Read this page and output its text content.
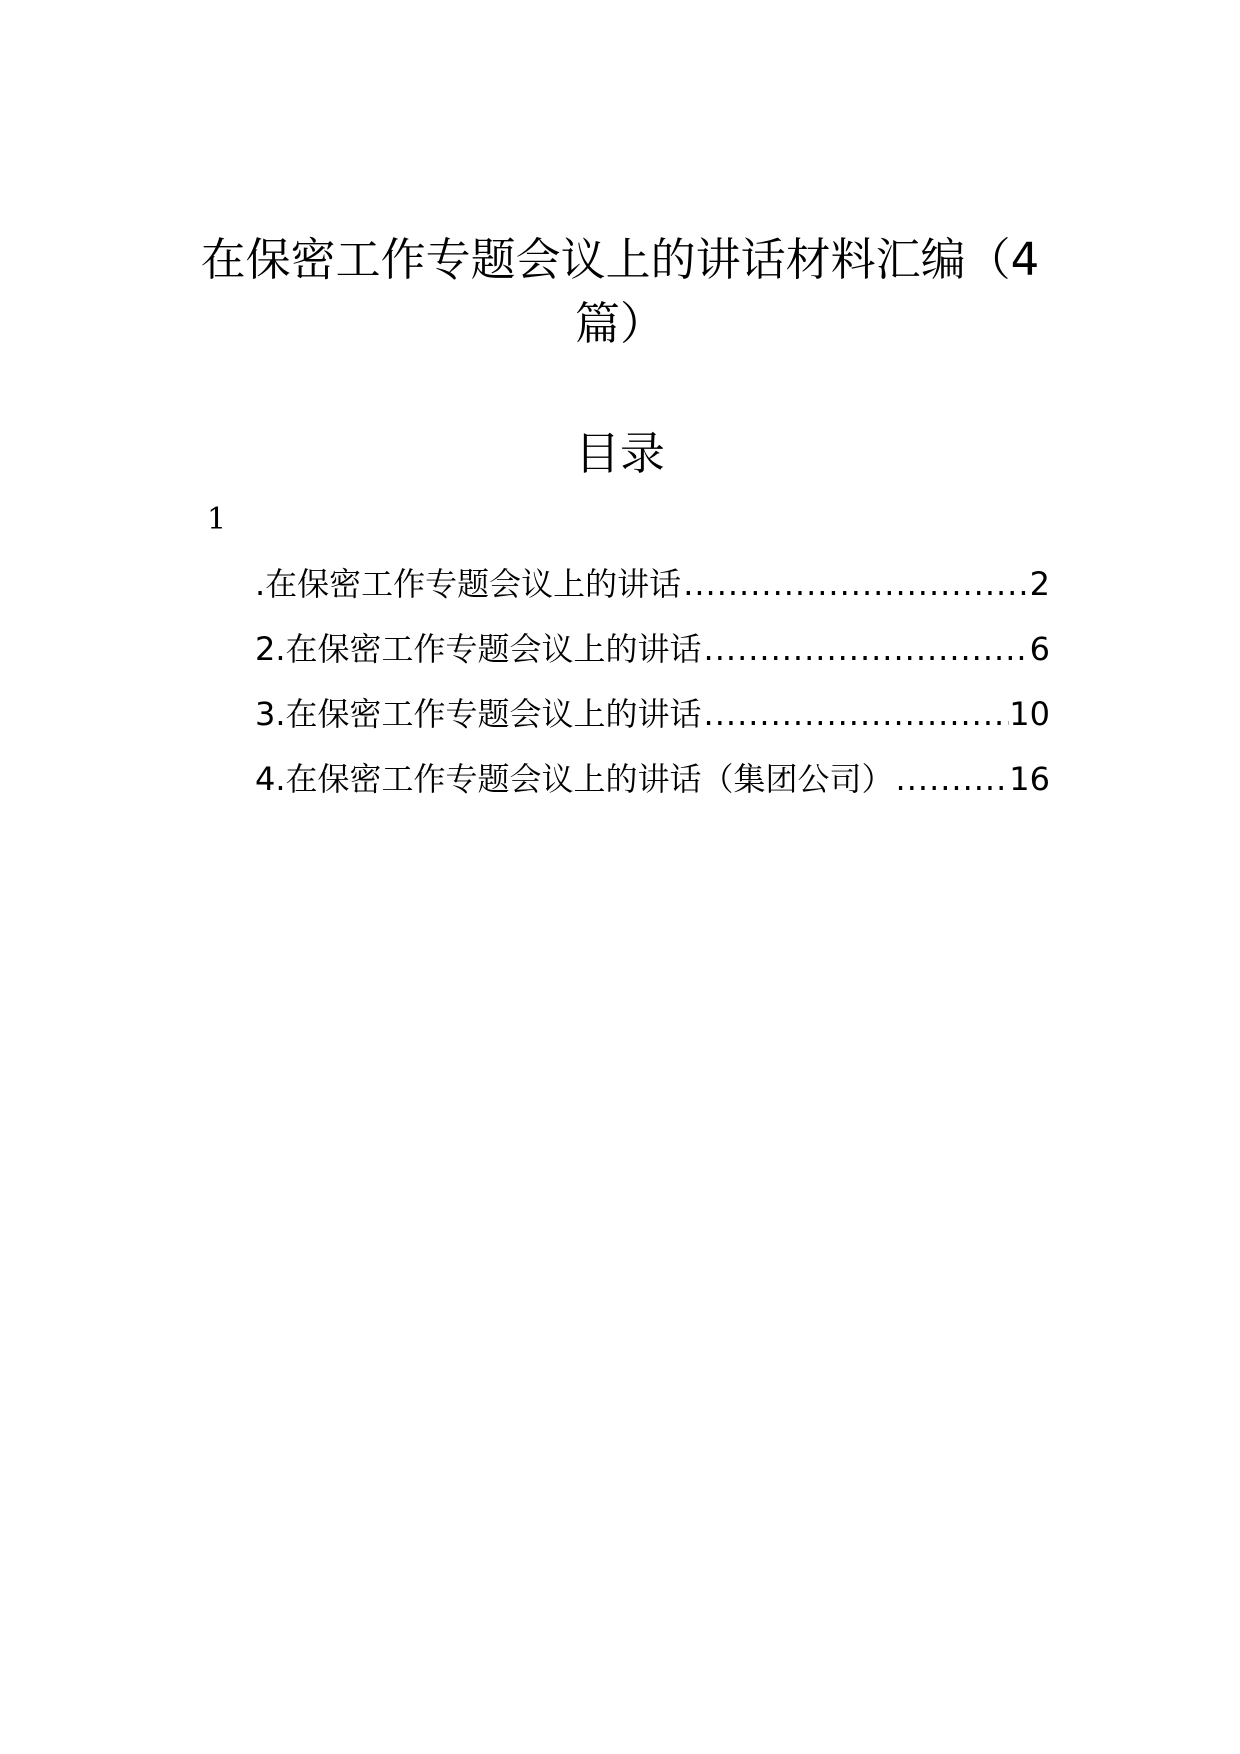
在保密工作专题会议上的讲话材料汇编（4篇）
目录
1
.在保密工作专题会议上的讲话 .....	2
2.在保密工作专题会议上的讲话 .....	6
3.在保密工作专题会议上的讲话 .....	10
4.在保密工作专题会议上的讲话（集团公司） .....	16
